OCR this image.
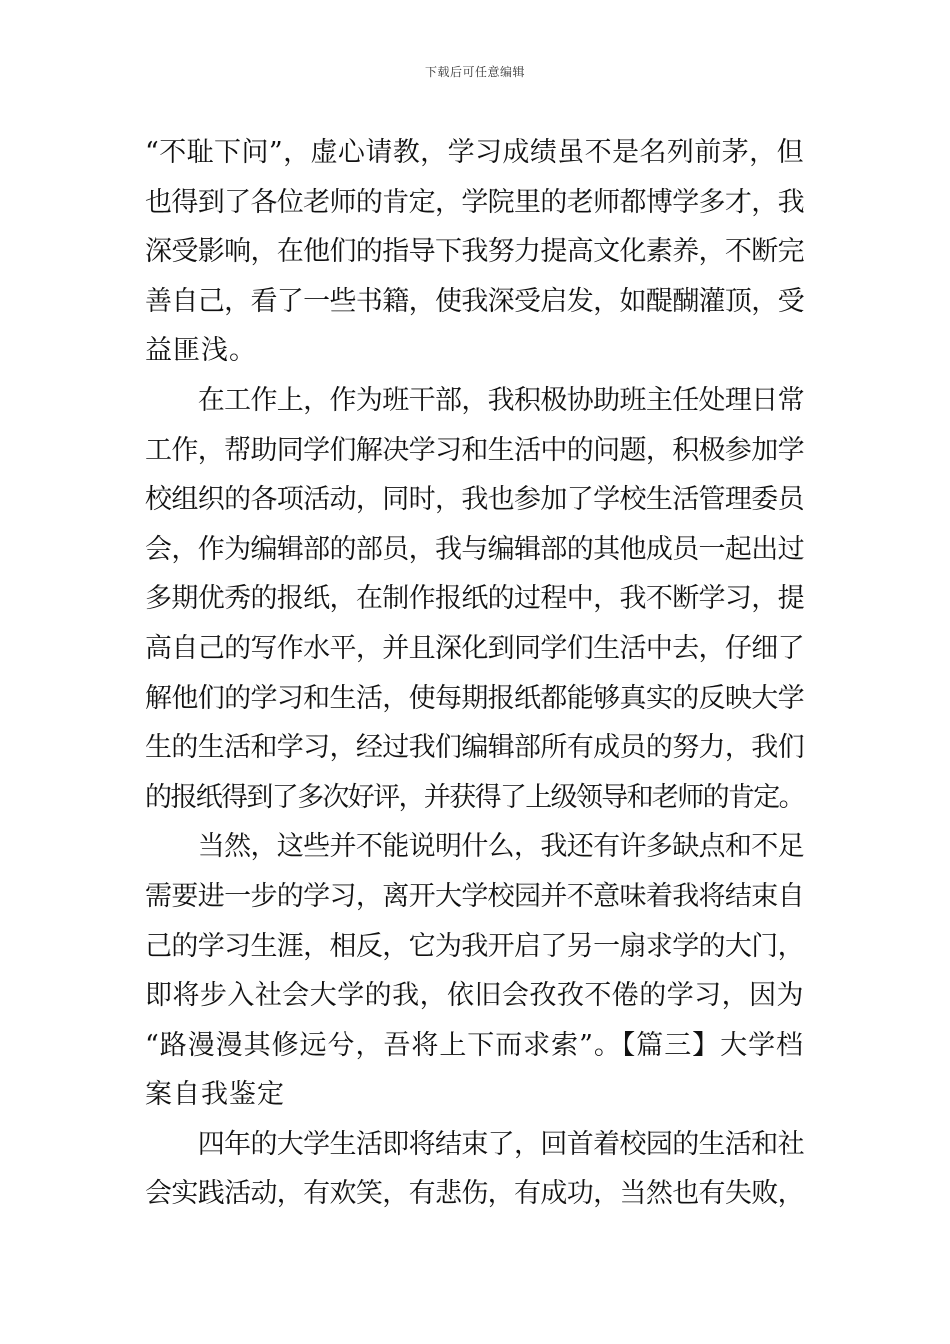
下载后可任意编辑

“不耻下问”，虚心请教，学习成绩虽不是名列前茅，但
也得到了各位老师的肯定，学院里的老师都博学多才，我
深受影响，在他们的指导下我努力提高文化素养，不断完
善自己，看了一些书籍，使我深受启发，如醍醐灌顶，受
益匪浅。

　　在工作上，作为班干部，我积极协助班主任处理日常
工作，帮助同学们解决学习和生活中的问题，积极参加学
校组织的各项活动，同时，我也参加了学校生活管理委员
会，作为编辑部的部员，我与编辑部的其他成员一起出过
多期优秀的报纸，在制作报纸的过程中，我不断学习，提
高自己的写作水平，并且深化到同学们生活中去，仔细了
解他们的学习和生活，使每期报纸都能够真实的反映大学
生的生活和学习，经过我们编辑部所有成员的努力，我们
的报纸得到了多次好评，并获得了上级领导和老师的肯定。

　　当然，这些并不能说明什么，我还有许多缺点和不足
需要进一步的学习，离开大学校园并不意味着我将结束自
己的学习生涯，相反，它为我开启了另一扇求学的大门，
即将步入社会大学的我，依旧会孜孜不倦的学习，因为
“路漫漫其修远兮，吾将上下而求索”。【篇三】大学档
案自我鉴定

　　四年的大学生活即将结束了，回首着校园的生活和社
会实践活动，有欢笑，有悲伤，有成功，当然也有失败，
